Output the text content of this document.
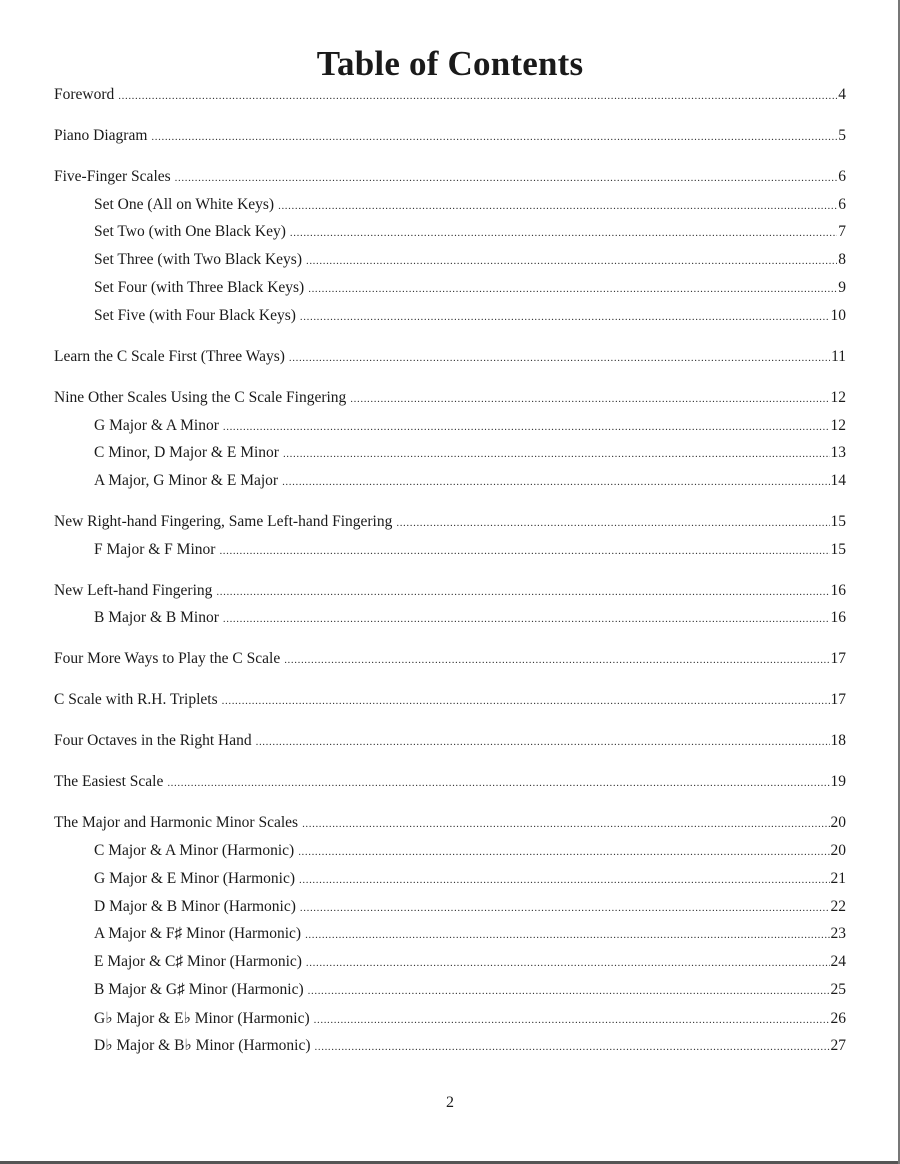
Table of Contents
Foreword .....	4
Piano Diagram .....	5
Five-Finger Scales .....	6
Set One (All on White Keys) .....	6
Set Two (with One Black Key) .....	7
Set Three (with Two Black Keys) .....	8
Set Four (with Three Black Keys) .....	9
Set Five (with Four Black Keys) .....	10
Learn the C Scale First (Three Ways) .....	11
Nine Other Scales Using the C Scale Fingering .....	12
G Major & A Minor .....	12
C Minor, D Major & E Minor .....	13
A Major, G Minor & E Major .....	14
New Right-hand Fingering, Same Left-hand Fingering .....	15
F Major & F Minor .....	15
New Left-hand Fingering .....	16
B Major & B Minor .....	16
Four More Ways to Play the C Scale .....	17
C Scale with R.H. Triplets .....	17
Four Octaves in the Right Hand .....	18
The Easiest Scale .....	19
The Major and Harmonic Minor Scales .....	20
C Major & A Minor (Harmonic) .....	20
G Major & E Minor (Harmonic) .....	21
D Major & B Minor (Harmonic) .....	22
A Major & F♯ Minor (Harmonic) .....	23
E Major & C♯ Minor (Harmonic) .....	24
B Major & G♯ Minor (Harmonic) .....	25
G♭ Major & E♭ Minor (Harmonic) .....	26
D♭ Major & B♭ Minor (Harmonic) .....	27
2
